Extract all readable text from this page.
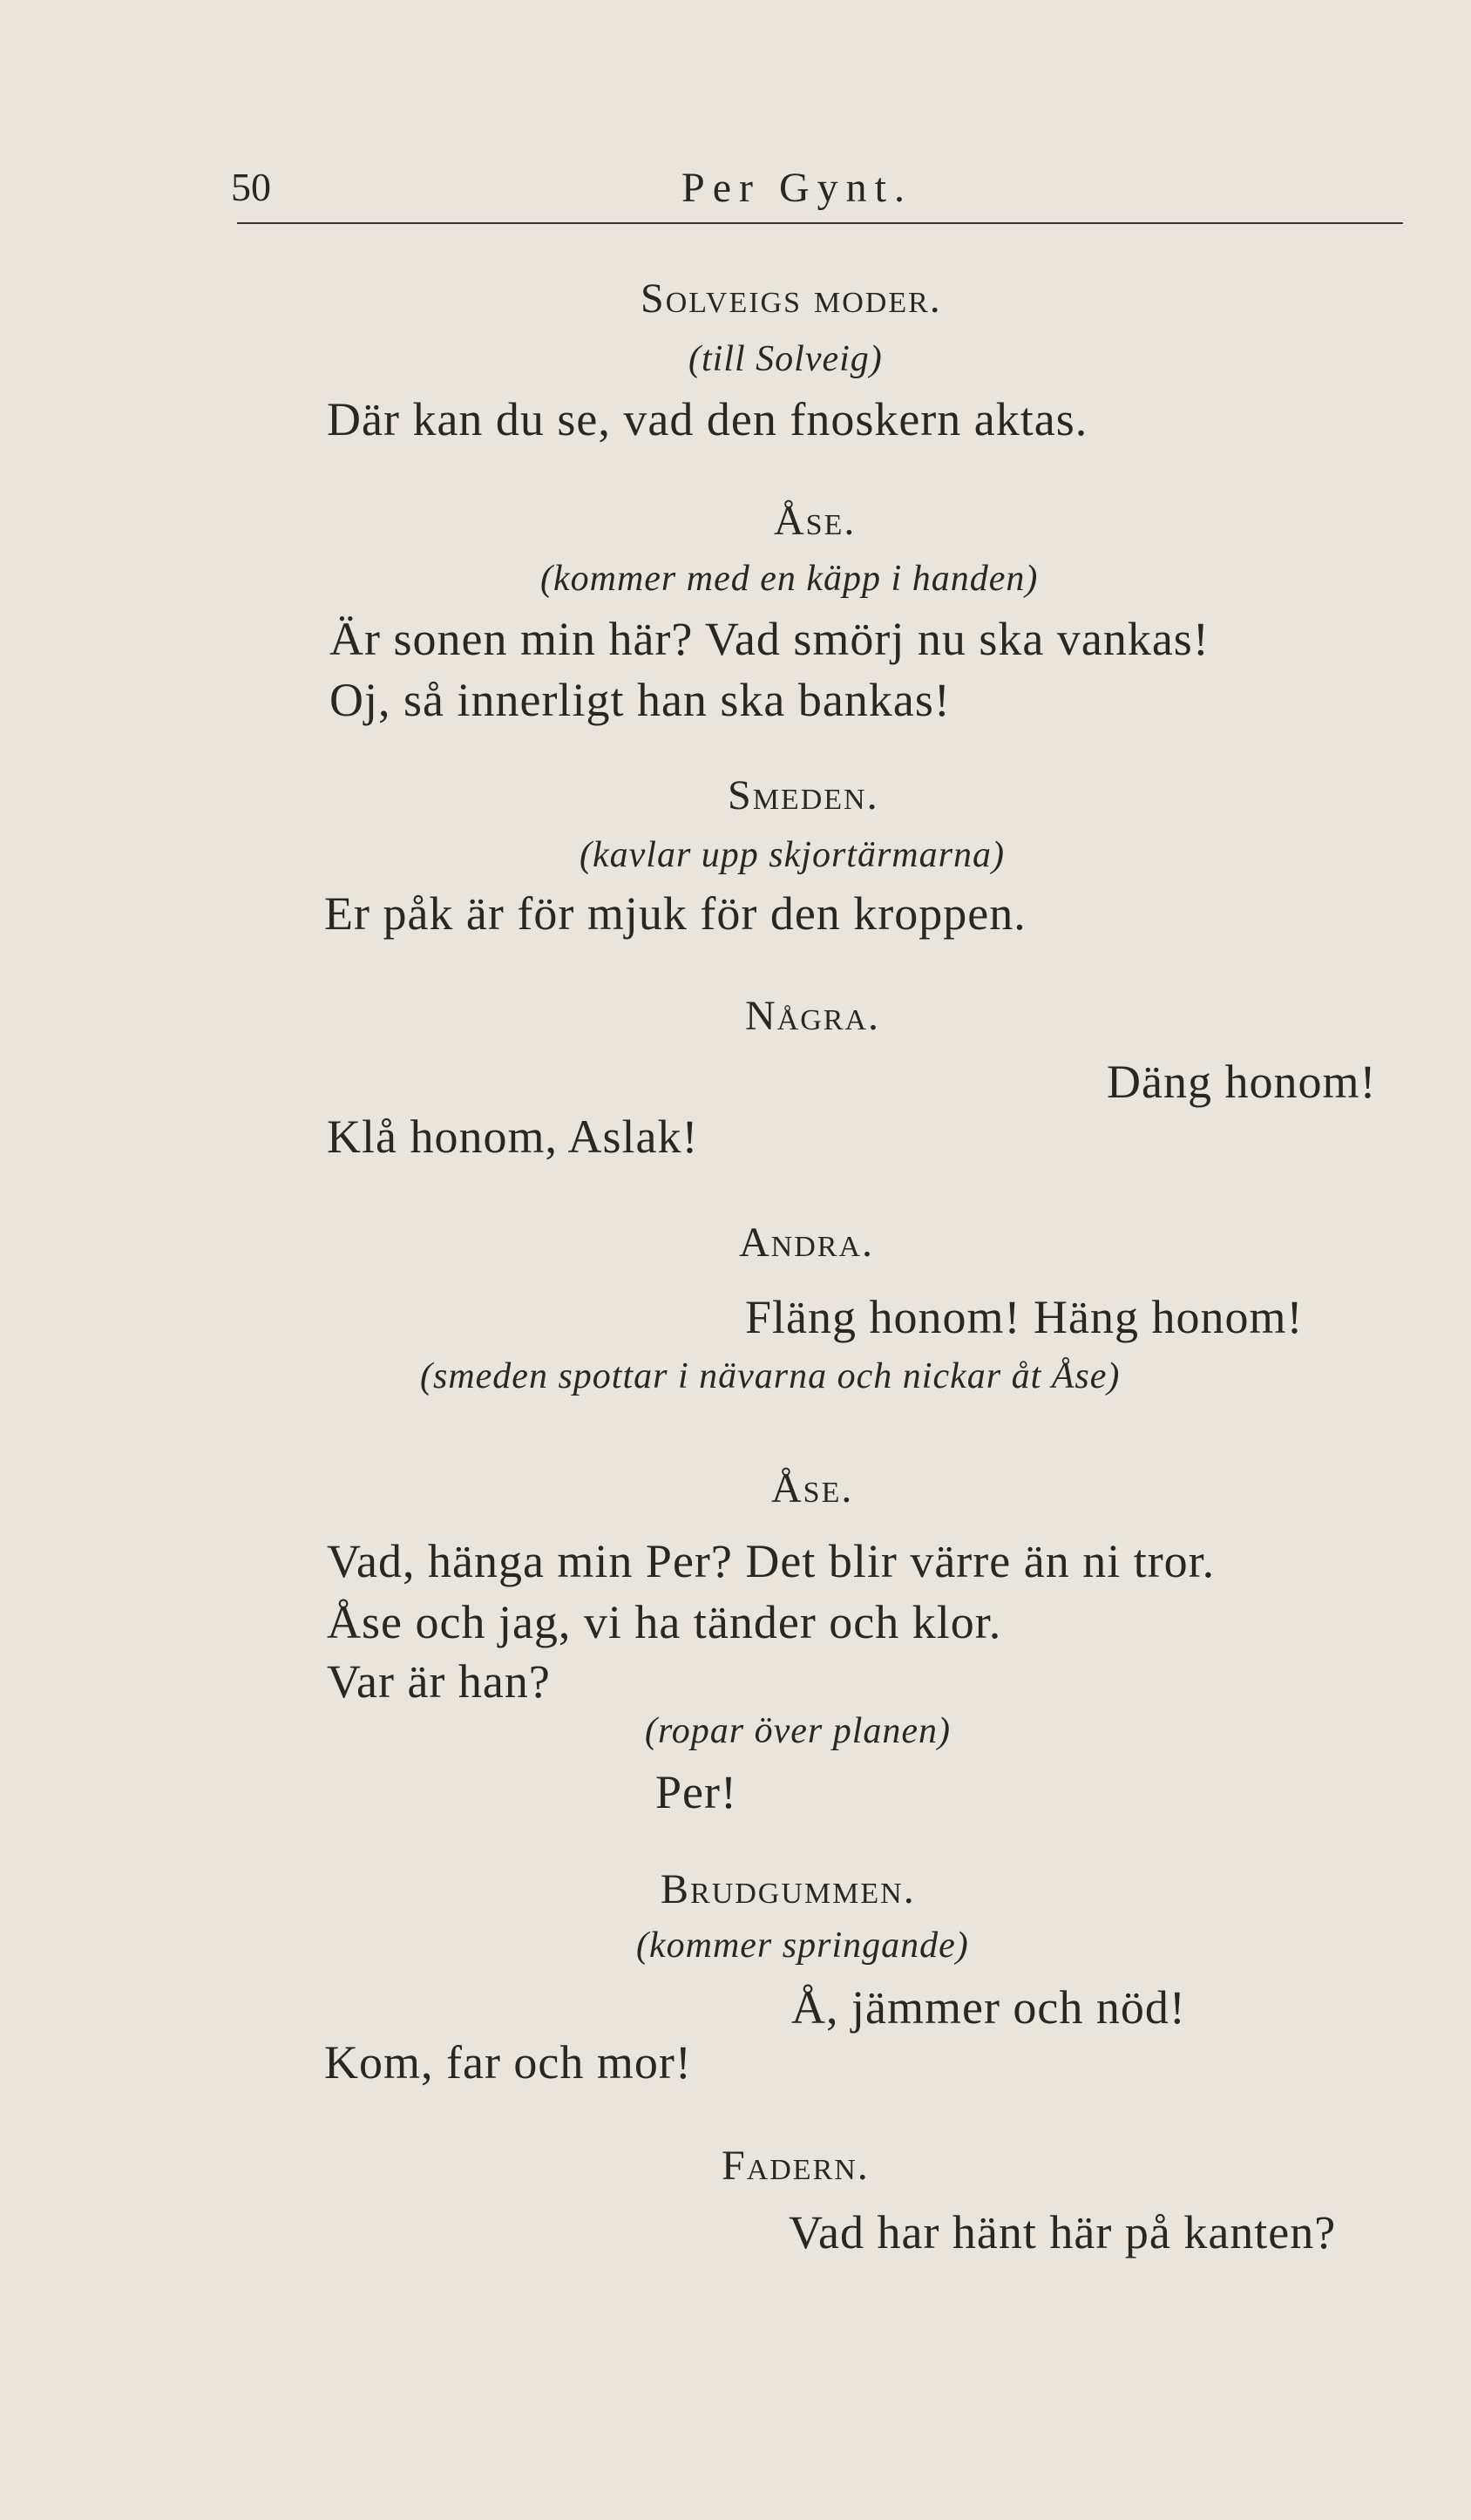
50	Per Gynt.
Solveigs moder.
(till Solveig)
Där kan du se, vad den fnoskern aktas.
Åse.
(kommer med en käpp i handen)
Är sonen min här? Vad smörj nu ska vankas!
Oj, så innerligt han ska bankas!
Smeden.
(kavlar upp skjortärmarna)
Er påk är för mjuk för den kroppen.
Några.
Däng honom!
Klå honom, Aslak!
Andra.
Fläng honom! Häng honom!
(smeden spottar i nävarna och nickar åt Åse)
Åse.
Vad, hänga min Per? Det blir värre än ni tror.
Åse och jag, vi ha tänder och klor.
Var är han?
(ropar över planen)
Per!
Brudgummen.
(kommer springande)
Å, jämmer och nöd!
Kom, far och mor!
Fadern.
Vad har hänt här på kanten?
